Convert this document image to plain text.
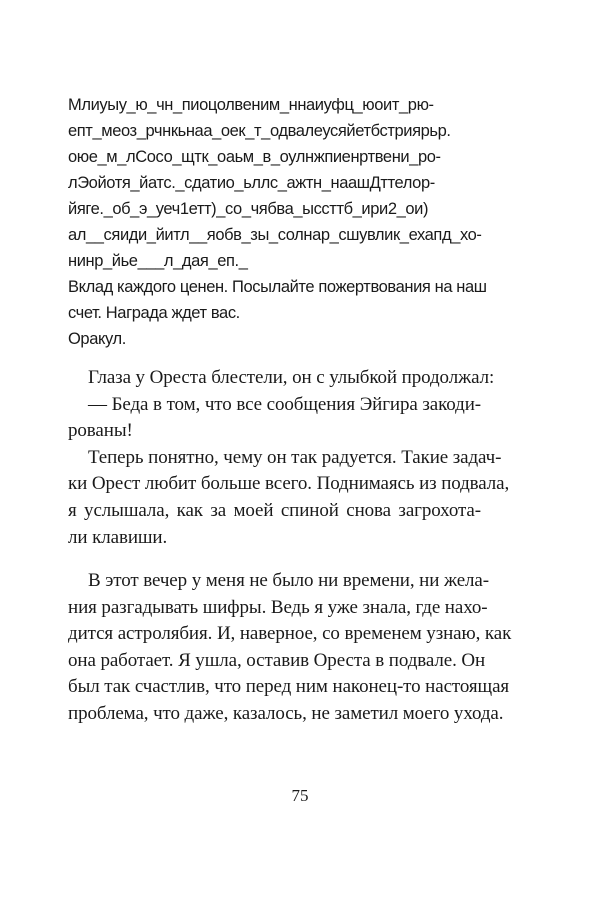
Млиуыу_ю_чн_пиоцолвеним_ннаиуфц_юоит_рю-
епт_меоз_рчнкьнаа_оек_т_одвалеусяйетбстриярьр.
оюе_м_лСосо_щтк_оаьм_в_оулнжпиенртвени_ро-
лЭойотя_йатс._сдатио_ьллс_ажтн_наашДттелор-
йяге._об_э_уеч1етт)_со_чябва_ысcттб_ири2_ои)
ал__сяиди_йитл__яобв_зы_солнар_сшувлик_ехапд_хо-
нинр_йье___л_дая_еп._
Вклад каждого ценен. Посылайте пожертвования на наш
счет. Награда ждет вас.
Оракул.
Глаза у Ореста блестели, он с улыбкой продолжал:
— Беда в том, что все сообщения Эйгира закоди-
рованы!
Теперь понятно, чему он так радуется. Такие задач-
ки Орест любит больше всего. Поднимаясь из подвала,
я услышала, как за моей спиной снова загрохота-
ли клавиши.
В этот вечер у меня не было ни времени, ни жела-
ния разгадывать шифры. Ведь я уже знала, где нахо-
дится астролябия. И, наверное, со временем узнаю, как
она работает. Я ушла, оставив Ореста в подвале. Он
был так счастлив, что перед ним наконец-то настоящая
проблема, что даже, казалось, не заметил моего ухода.
75
